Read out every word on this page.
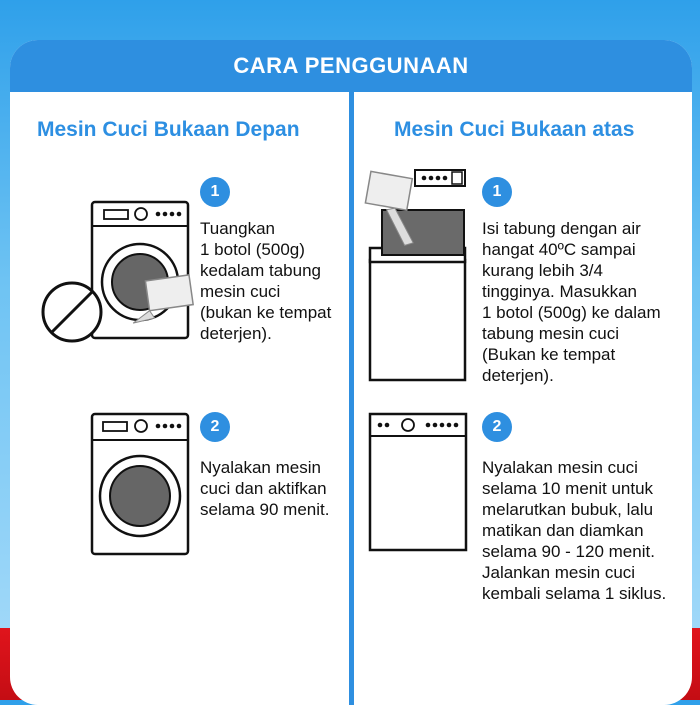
CARA PENGGUNAAN
Mesin Cuci Bukaan Depan
1
Tuangkan
1 botol (500g)
kedalam tabung
mesin cuci
(bukan ke tempat
deterjen).
2
Nyalakan mesin
cuci dan aktifkan
selama 90 menit.
Mesin Cuci Bukaan atas
1
Isi tabung dengan air
hangat 40ºC sampai
kurang lebih 3/4
tingginya. Masukkan
1 botol (500g) ke dalam
tabung mesin cuci
(Bukan ke tempat
deterjen).
2
Nyalakan mesin cuci
selama 10 menit untuk
melarutkan bubuk, lalu
matikan dan diamkan
selama 90 - 120 menit.
Jalankan mesin cuci
kembali selama 1 siklus.
